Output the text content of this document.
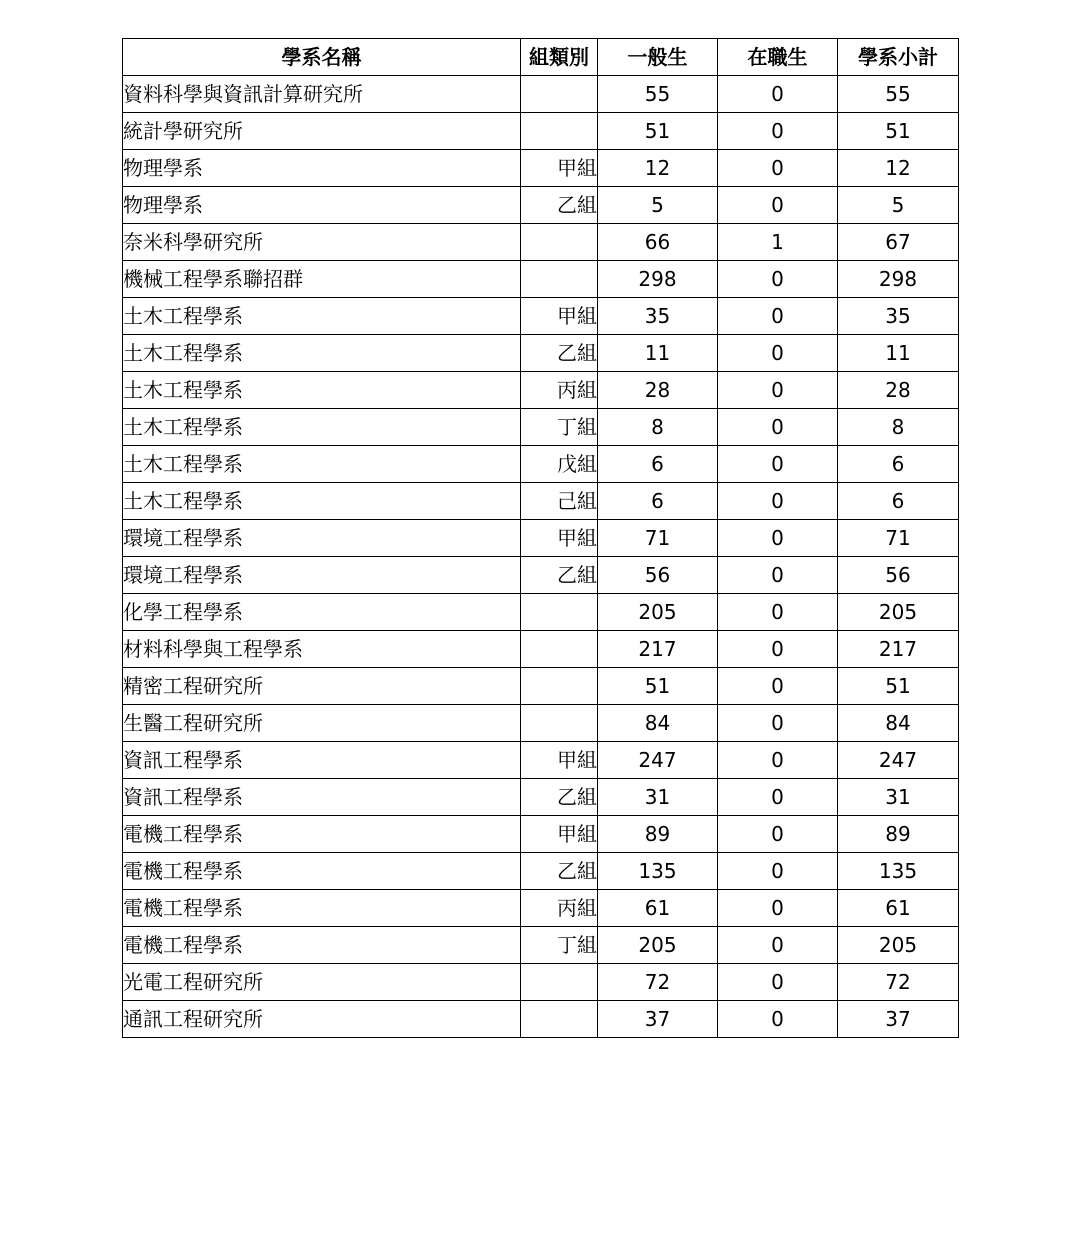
學系名稱	組類別	一般生	在職生	學系小計
資料科學與資訊計算研究所		55	0	55
統計學研究所		51	0	51
物理學系	甲組	12	0	12
物理學系	乙組	5	0	5
奈米科學研究所		66	1	67
機械工程學系聯招群		298	0	298
土木工程學系	甲組	35	0	35
土木工程學系	乙組	11	0	11
土木工程學系	丙組	28	0	28
土木工程學系	丁組	8	0	8
土木工程學系	戊組	6	0	6
土木工程學系	己組	6	0	6
環境工程學系	甲組	71	0	71
環境工程學系	乙組	56	0	56
化學工程學系		205	0	205
材料科學與工程學系		217	0	217
精密工程研究所		51	0	51
生醫工程研究所		84	0	84
資訊工程學系	甲組	247	0	247
資訊工程學系	乙組	31	0	31
電機工程學系	甲組	89	0	89
電機工程學系	乙組	135	0	135
電機工程學系	丙組	61	0	61
電機工程學系	丁組	205	0	205
光電工程研究所		72	0	72
通訊工程研究所		37	0	37
